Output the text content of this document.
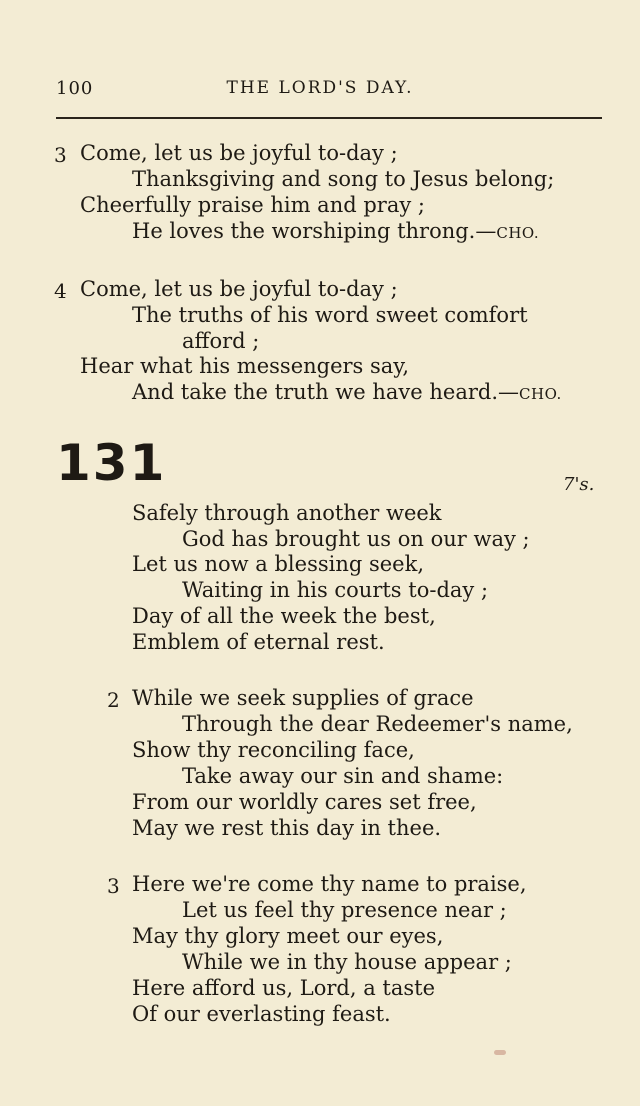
100	THE LORD'S DAY.
3 Come, let us be joyful to-day ;
Thanksgiving and song to Jesus belong;
Cheerfully praise him and pray ;
He loves the worshiping throng.—CHO.
4 Come, let us be joyful to-day ;
The truths of his word sweet comfort
afford ;
Hear what his messengers say,
And take the truth we have heard.—CHO.
131	7's.
Safely through another week
God has brought us on our way ;
Let us now a blessing seek,
Waiting in his courts to-day ;
Day of all the week the best,
Emblem of eternal rest.
2 While we seek supplies of grace
Through the dear Redeemer's name,
Show thy reconciling face,
Take away our sin and shame:
From our worldly cares set free,
May we rest this day in thee.
3 Here we're come thy name to praise,
Let us feel thy presence near ;
May thy glory meet our eyes,
While we in thy house appear ;
Here afford us, Lord, a taste
Of our everlasting feast.
